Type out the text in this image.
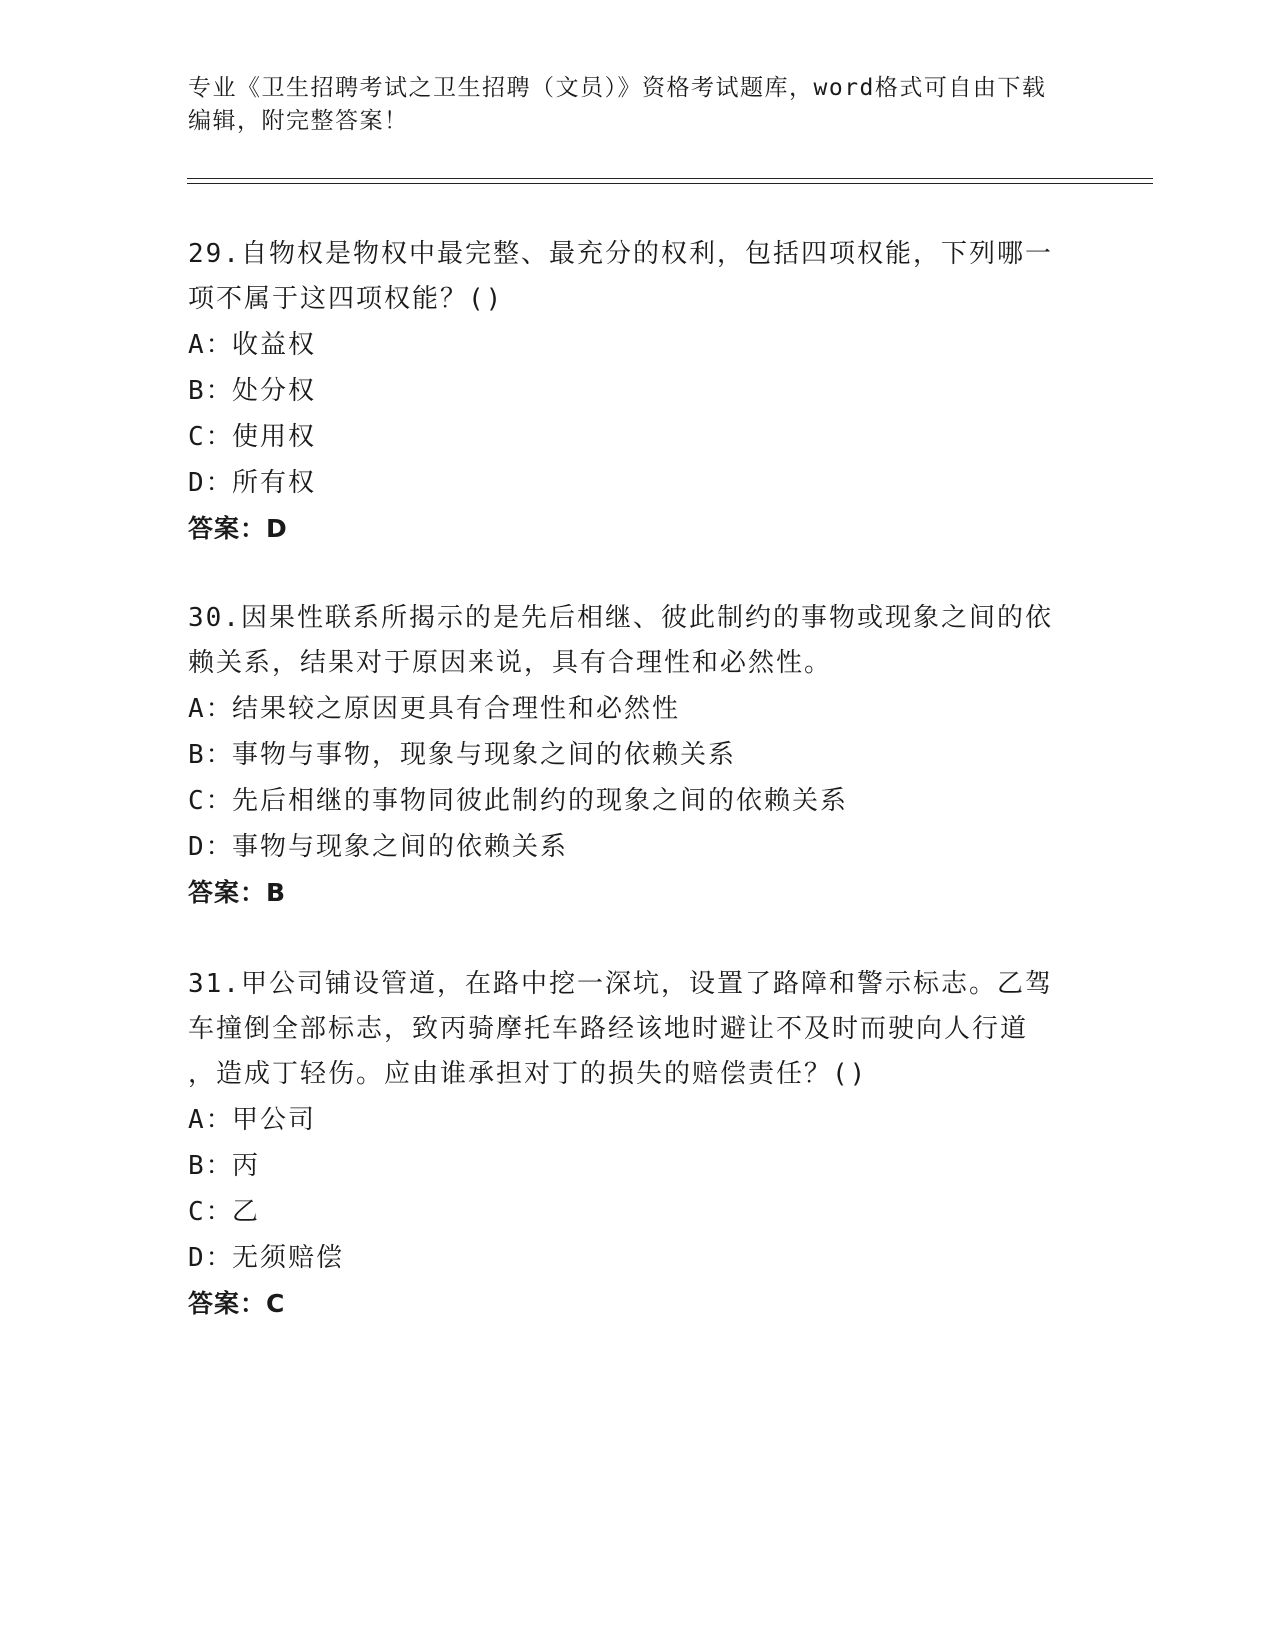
专业《卫生招聘考试之卫生招聘（文员）》资格考试题库，word格式可自由下载
编辑，附完整答案！
29.自物权是物权中最完整、最充分的权利，包括四项权能，下列哪一
项不属于这四项权能？()
A：收益权
B：处分权
C：使用权
D：所有权
答案：D
30.因果性联系所揭示的是先后相继、彼此制约的事物或现象之间的依
赖关系，结果对于原因来说，具有合理性和必然性。
A：结果较之原因更具有合理性和必然性
B：事物与事物，现象与现象之间的依赖关系
C：先后相继的事物同彼此制约的现象之间的依赖关系
D：事物与现象之间的依赖关系
答案：B
31.甲公司铺设管道，在路中挖一深坑，设置了路障和警示标志。乙驾
车撞倒全部标志，致丙骑摩托车路经该地时避让不及时而驶向人行道
，造成丁轻伤。应由谁承担对丁的损失的赔偿责任？()
A：甲公司
B：丙
C：乙
D：无须赔偿
答案：C
